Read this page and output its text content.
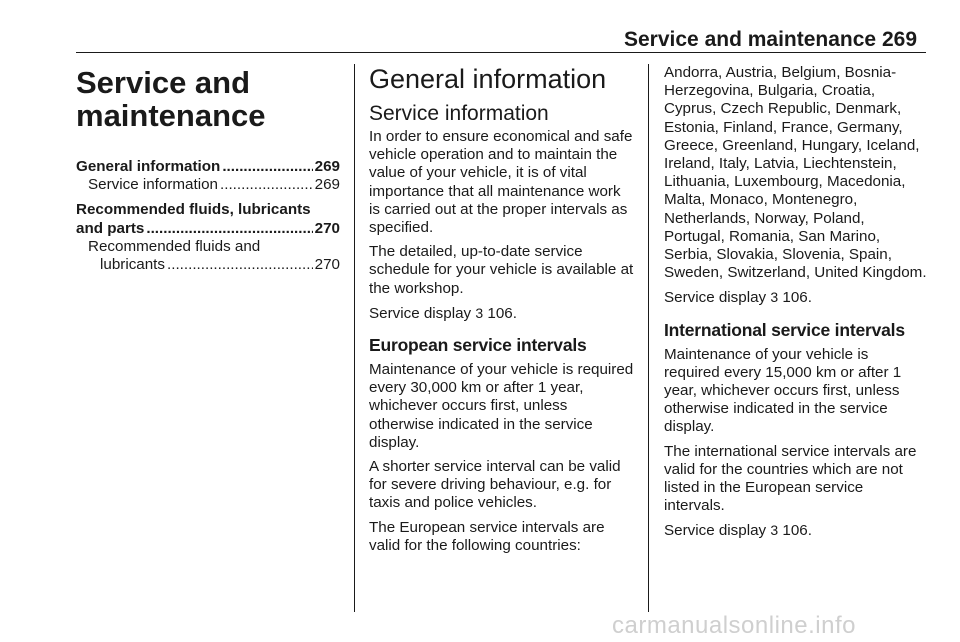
Service and maintenance 269
Service and
maintenance
General information .....	269
Service information .....	269
Recommended fluids, lubricants
and parts .....	270
Recommended fluids and
lubricants .....	270
General information
Service information

In order to ensure economical and safe vehicle operation and to maintain the value of your vehicle, it is of vital importance that all maintenance work is carried out at the proper intervals as specified.

The detailed, up-to-date service schedule for your vehicle is available at the workshop.

Service display 3 106.

European service intervals

Maintenance of your vehicle is required every 30,000 km or after 1 year, whichever occurs first, unless otherwise indicated in the service display.

A shorter service interval can be valid for severe driving behaviour, e.g. for taxis and police vehicles.

The European service intervals are valid for the following countries:

Andorra, Austria, Belgium, Bosnia-Herzegovina, Bulgaria, Croatia, Cyprus, Czech Republic, Denmark, Estonia, Finland, France, Germany, Greece, Greenland, Hungary, Iceland, Ireland, Italy, Latvia, Liechtenstein, Lithuania, Luxembourg, Macedonia, Malta, Monaco, Montenegro, Netherlands, Norway, Poland, Portugal, Romania, San Marino, Serbia, Slovakia, Slovenia, Spain, Sweden, Switzerland, United Kingdom.

Service display 3 106.

International service intervals

Maintenance of your vehicle is required every 15,000 km or after 1 year, whichever occurs first, unless otherwise indicated in the service display.

The international service intervals are valid for the countries which are not listed in the European service intervals.

Service display 3 106.

carmanualsonline.info
